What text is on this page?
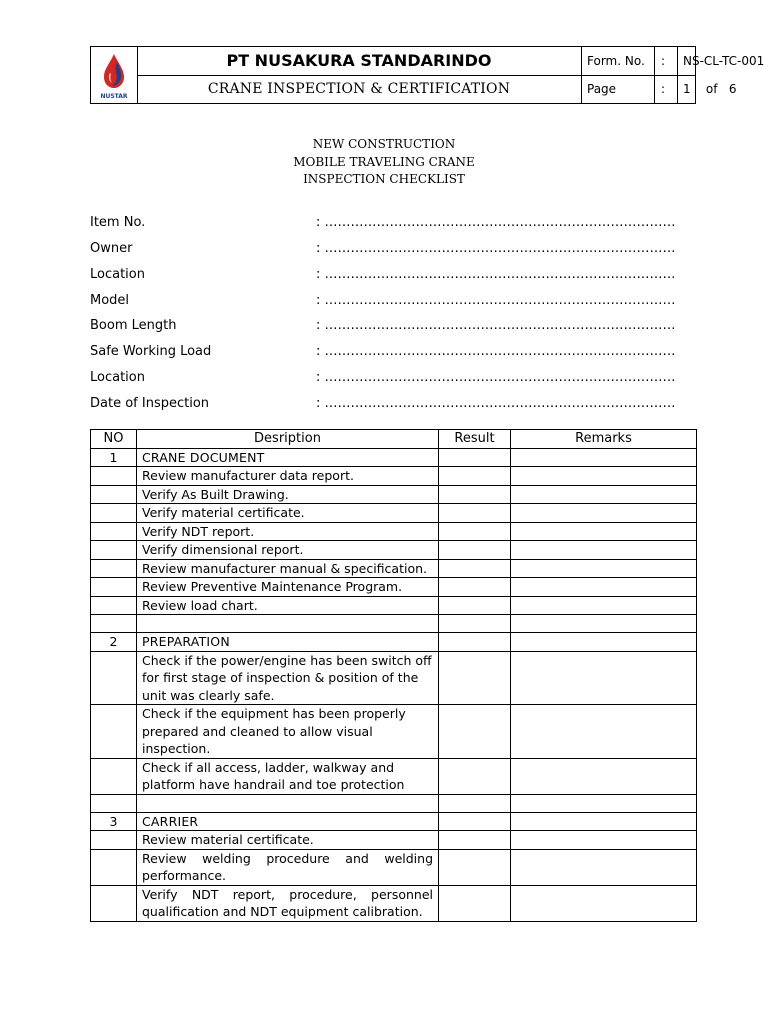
NUSTAR
PT NUSAKURA STANDARINDO
CRANE INSPECTION & CERTIFICATION
Form. No.	:	NS-CL-TC-001
Page	:	1    of   6
NEW CONSTRUCTION
MOBILE TRAVELING CRANE
INSPECTION CHECKLIST
Item No.	: ………………………………………………………………………
Owner	: ………………………………………………………………………
Location	: ………………………………………………………………………
Model	: ………………………………………………………………………
Boom Length	: ………………………………………………………………………
Safe Working Load	: ………………………………………………………………………
Location	: ………………………………………………………………………
Date of Inspection	: ………………………………………………………………………
NO	Desription	Result	Remarks
1	CRANE DOCUMENT		
	Review manufacturer data report.		
	Verify As Built Drawing.		
	Verify material certificate.		
	Verify NDT report.		
	Verify dimensional report.		
	Review manufacturer manual & specification.		
	Review Preventive Maintenance Program.		
	Review load chart.		

2	PREPARATION		
	Check if the power/engine has been switch off for first stage of inspection & position of the unit was clearly safe.		
	Check if the equipment has been properly prepared and cleaned to allow visual inspection.		
	Check if all access, ladder, walkway and platform have handrail and toe protection		

3	CARRIER		
	Review material certificate.		
	Review welding procedure and welding performance.		
	Verify NDT report, procedure, personnel qualification and NDT equipment calibration.		
